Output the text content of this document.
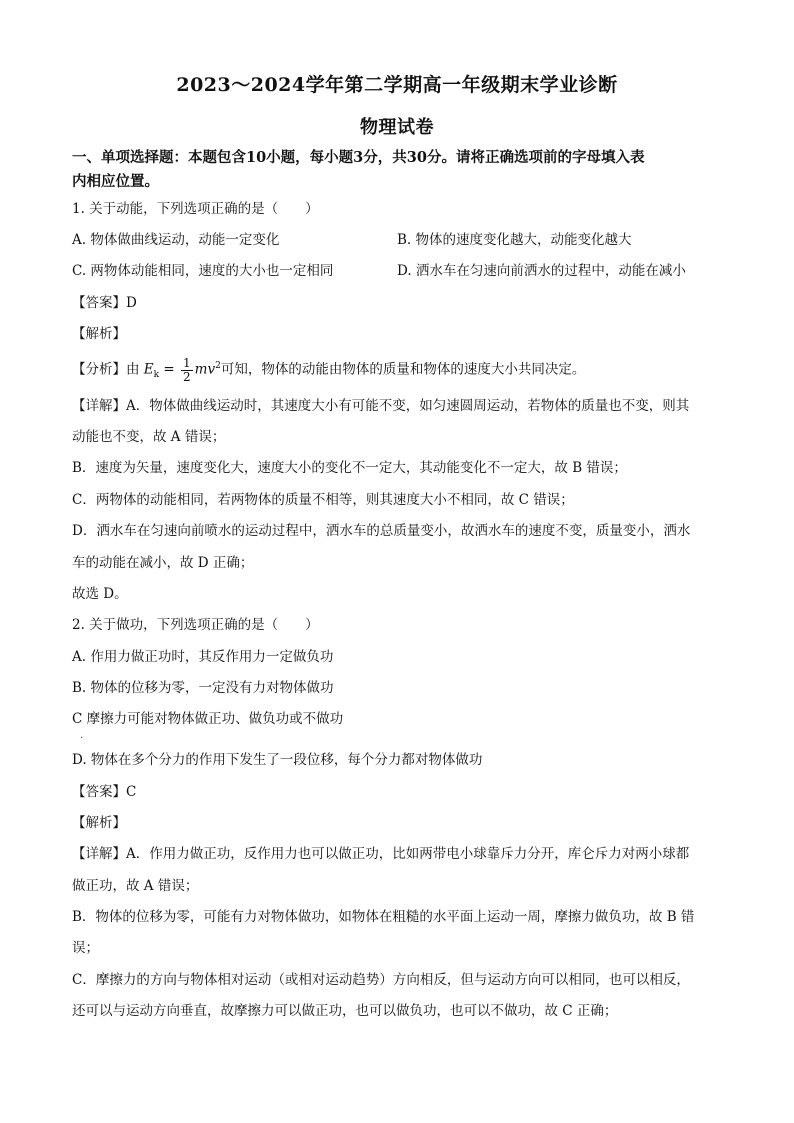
2023～2024学年第二学期高一年级期末学业诊断
物理试卷
一、单项选择题：本题包含10小题，每小题3分，共30分。请将正确选项前的字母填入表
内相应位置。
1. 关于动能，下列选项正确的是（　　）
A. 物体做曲线运动，动能一定变化	B. 物体的速度变化越大，动能变化越大
C. 两物体动能相同，速度的大小也一定相同	D. 洒水车在匀速向前洒水的过程中，动能在减小
【答案】D
【解析】
【分析】由 $E_k = \frac{1}{2} mv^2$可知，物体的动能由物体的质量和物体的速度大小共同决定。
【详解】A．物体做曲线运动时，其速度大小有可能不变，如匀速圆周运动，若物体的质量也不变，则其
动能也不变，故 A 错误；
B．速度为矢量，速度变化大，速度大小的变化不一定大，其动能变化不一定大，故 B 错误；
C．两物体的动能相同，若两物体的质量不相等，则其速度大小不相同，故 C 错误；
D．洒水车在匀速向前喷水的运动过程中，洒水车的总质量变小，故洒水车的速度不变，质量变小，洒水
车的动能在减小，故 D 正确；
故选 D。
2. 关于做功，下列选项正确的是（　　）
A. 作用力做正功时，其反作用力一定做负功
B. 物体的位移为零，一定没有力对物体做功
C 摩擦力可能对物体做正功、做负功或不做功
.
D. 物体在多个分力的作用下发生了一段位移，每个分力都对物体做功
【答案】C
【解析】
【详解】A．作用力做正功，反作用力也可以做正功，比如两带电小球靠斥力分开，库仑斥力对两小球都
做正功，故 A 错误；
B．物体的位移为零，可能有力对物体做功，如物体在粗糙的水平面上运动一周，摩擦力做负功，故 B 错
误；
C．摩擦力的方向与物体相对运动（或相对运动趋势）方向相反，但与运动方向可以相同，也可以相反，
还可以与运动方向垂直，故摩擦力可以做正功，也可以做负功，也可以不做功，故 C 正确；
